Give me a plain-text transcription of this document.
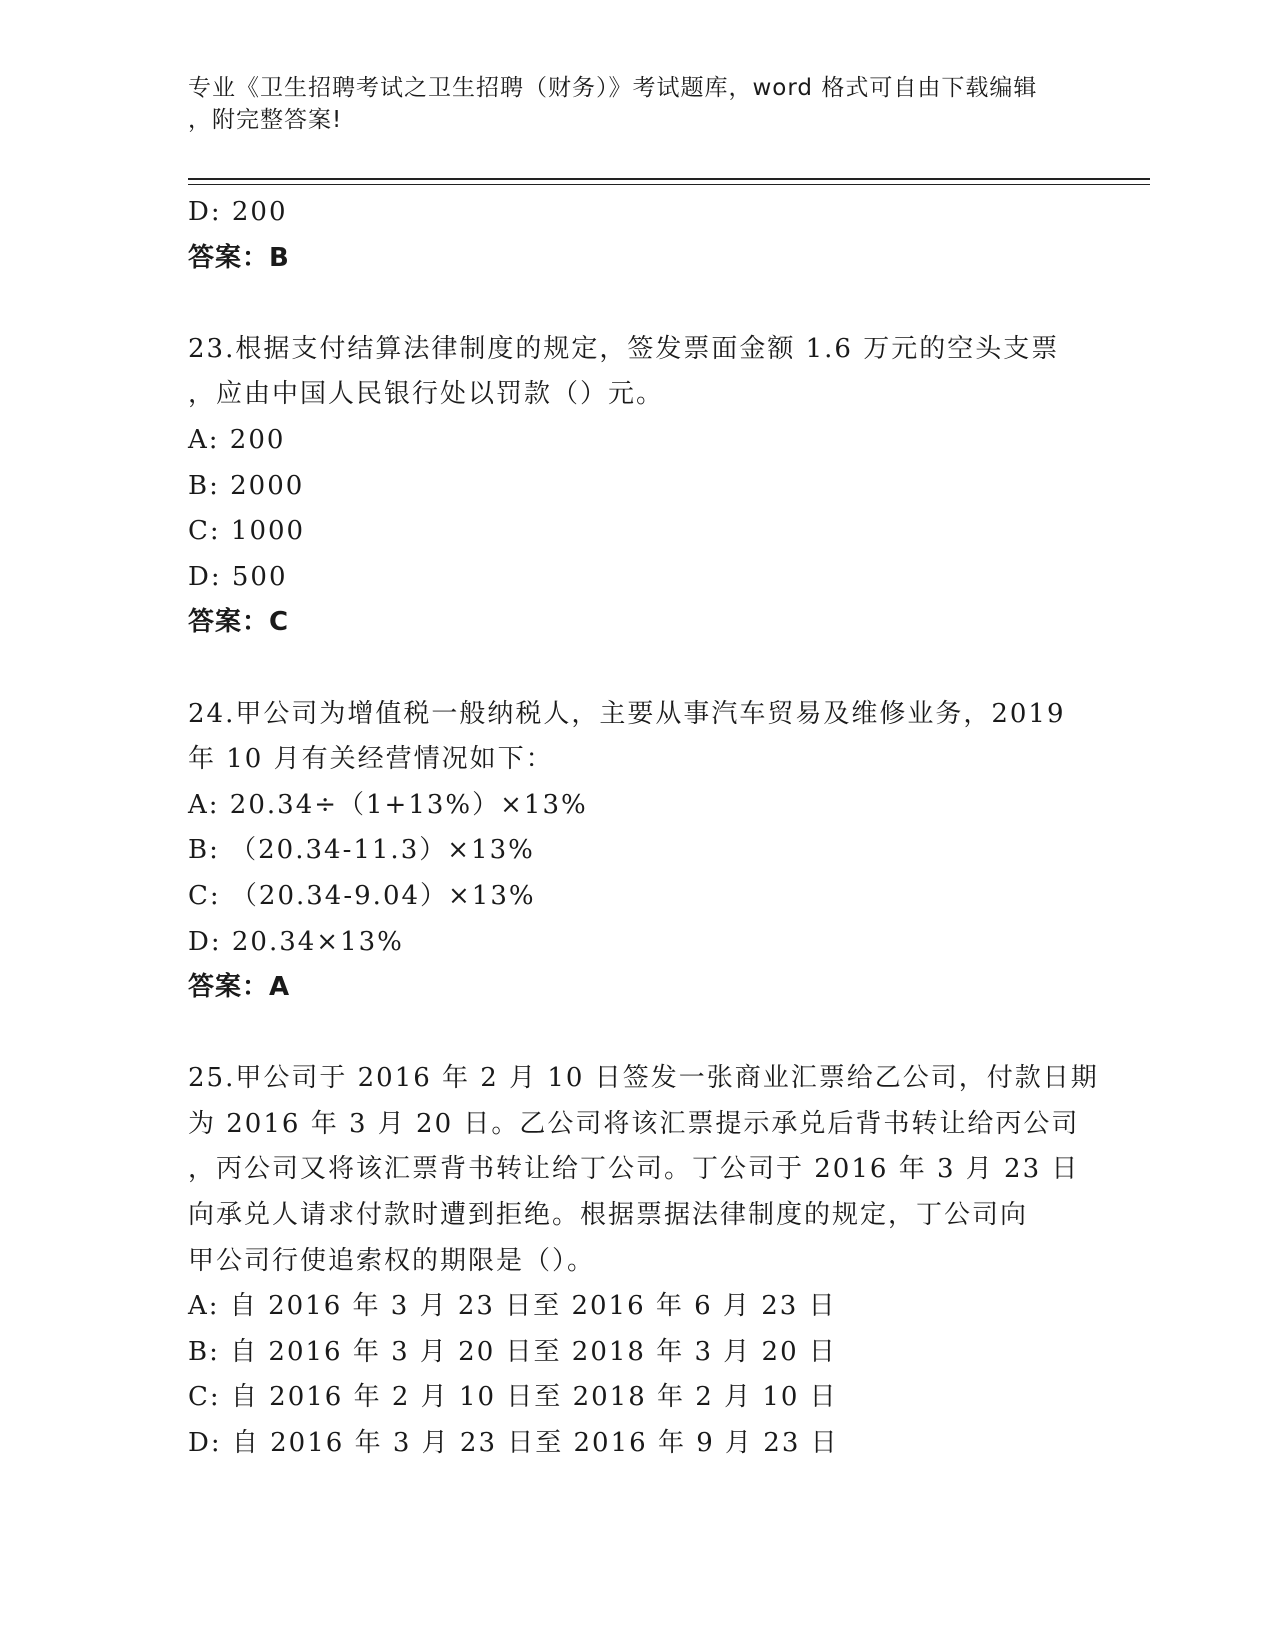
专业《卫生招聘考试之卫生招聘（财务）》考试题库，word 格式可自由下载编辑
，附完整答案!
D: 200
答案：B
23.根据支付结算法律制度的规定，签发票面金额 1.6 万元的空头支票
，应由中国人民银行处以罚款（）元。
A: 200
B: 2000
C: 1000
D: 500
答案：C
24.甲公司为增值税一般纳税人，主要从事汽车贸易及维修业务，2019
年 10 月有关经营情况如下：
A: 20.34÷（1+13%）×13%
B: （20.34-11.3）×13%
C: （20.34-9.04）×13%
D: 20.34×13%
答案：A
25.甲公司于 2016 年 2 月 10 日签发一张商业汇票给乙公司，付款日期
为 2016 年 3 月 20 日。乙公司将该汇票提示承兑后背书转让给丙公司
，丙公司又将该汇票背书转让给丁公司。丁公司于 2016 年 3 月 23 日
向承兑人请求付款时遭到拒绝。根据票据法律制度的规定，丁公司向
甲公司行使追索权的期限是（）。
A: 自 2016 年 3 月 23 日至 2016 年 6 月 23 日
B: 自 2016 年 3 月 20 日至 2018 年 3 月 20 日
C: 自 2016 年 2 月 10 日至 2018 年 2 月 10 日
D: 自 2016 年 3 月 23 日至 2016 年 9 月 23 日
